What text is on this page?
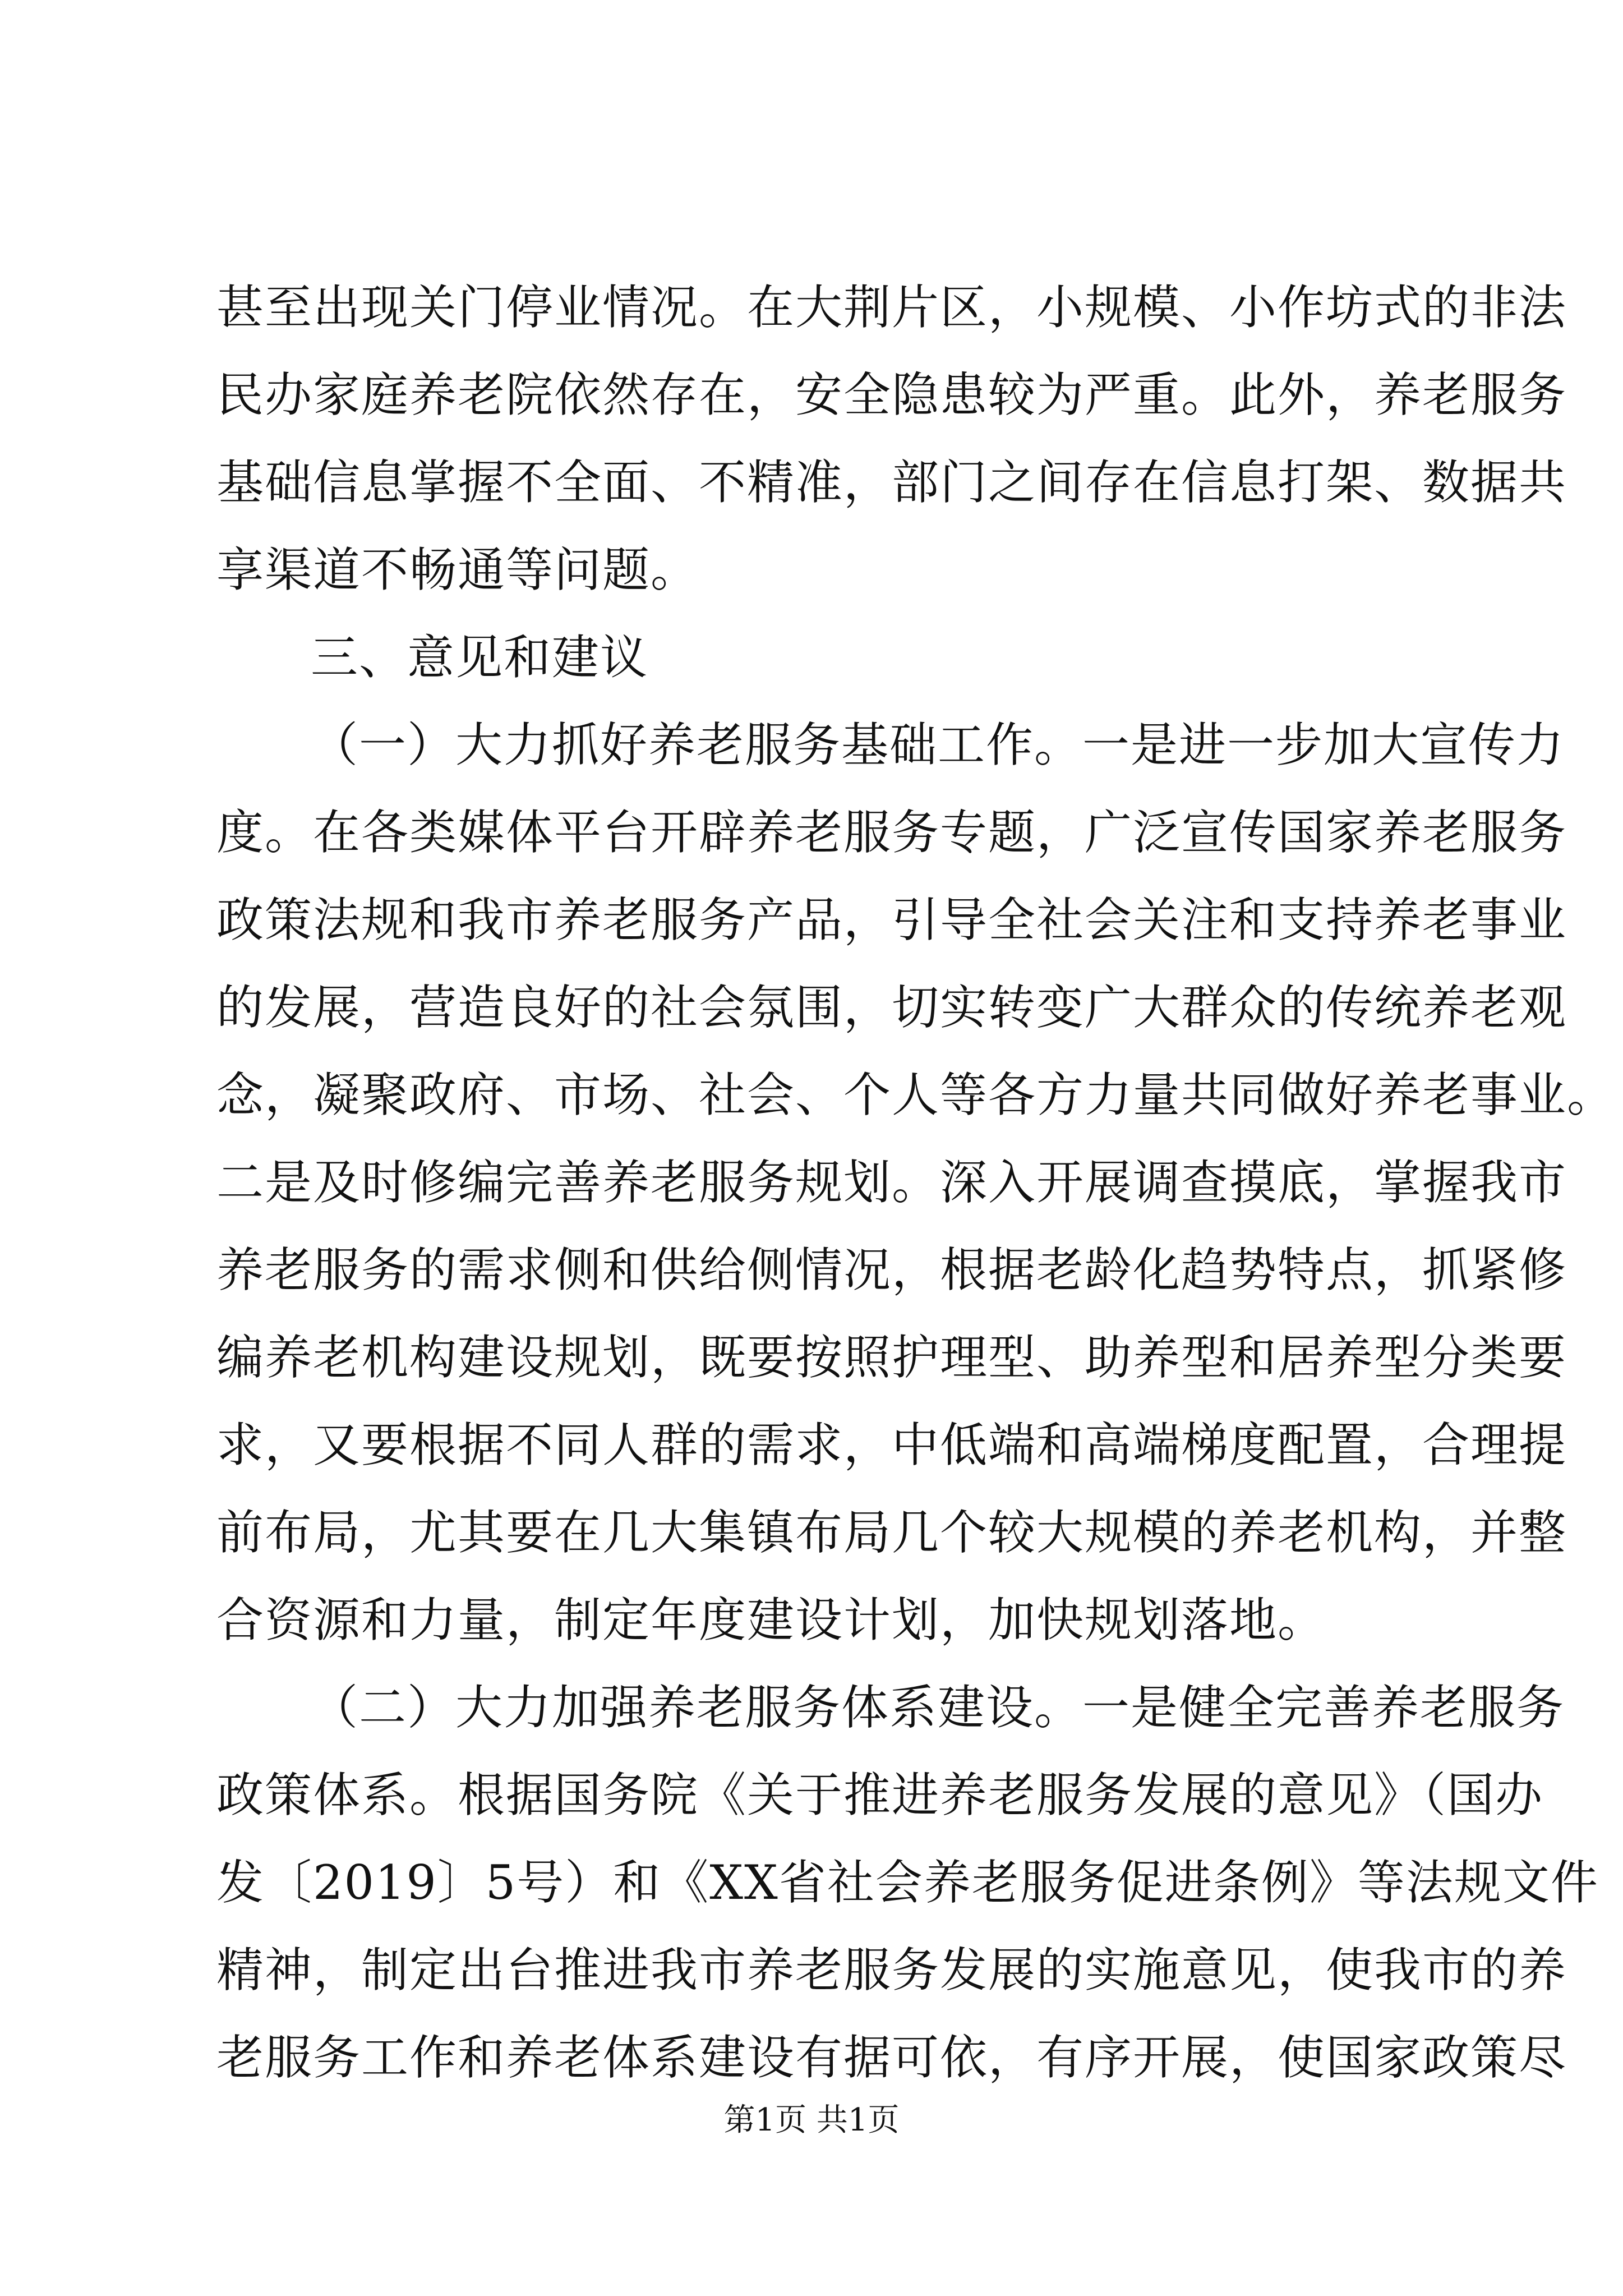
甚至出现关门停业情况。在大荆片区，小规模、小作坊式的非法
民办家庭养老院依然存在，安全隐患较为严重。此外，养老服务
基础信息掌握不全面、不精准，部门之间存在信息打架、数据共
享渠道不畅通等问题。
三、意见和建议
（一）大力抓好养老服务基础工作。一是进一步加大宣传力
度。在各类媒体平台开辟养老服务专题，广泛宣传国家养老服务
政策法规和我市养老服务产品，引导全社会关注和支持养老事业
的发展，营造良好的社会氛围，切实转变广大群众的传统养老观
念，凝聚政府、市场、社会、个人等各方力量共同做好养老事业。
二是及时修编完善养老服务规划。深入开展调查摸底，掌握我市
养老服务的需求侧和供给侧情况，根据老龄化趋势特点，抓紧修
编养老机构建设规划，既要按照护理型、助养型和居养型分类要
求，又要根据不同人群的需求，中低端和高端梯度配置，合理提
前布局，尤其要在几大集镇布局几个较大规模的养老机构，并整
合资源和力量，制定年度建设计划，加快规划落地。
（二）大力加强养老服务体系建设。一是健全完善养老服务
政策体系。根据国务院《关于推进养老服务发展的意见》（国办
发〔2019〕5号）和《XX省社会养老服务促进条例》等法规文件
精神，制定出台推进我市养老服务发展的实施意见，使我市的养
老服务工作和养老体系建设有据可依，有序开展，使国家政策尽
第1页 共1页
